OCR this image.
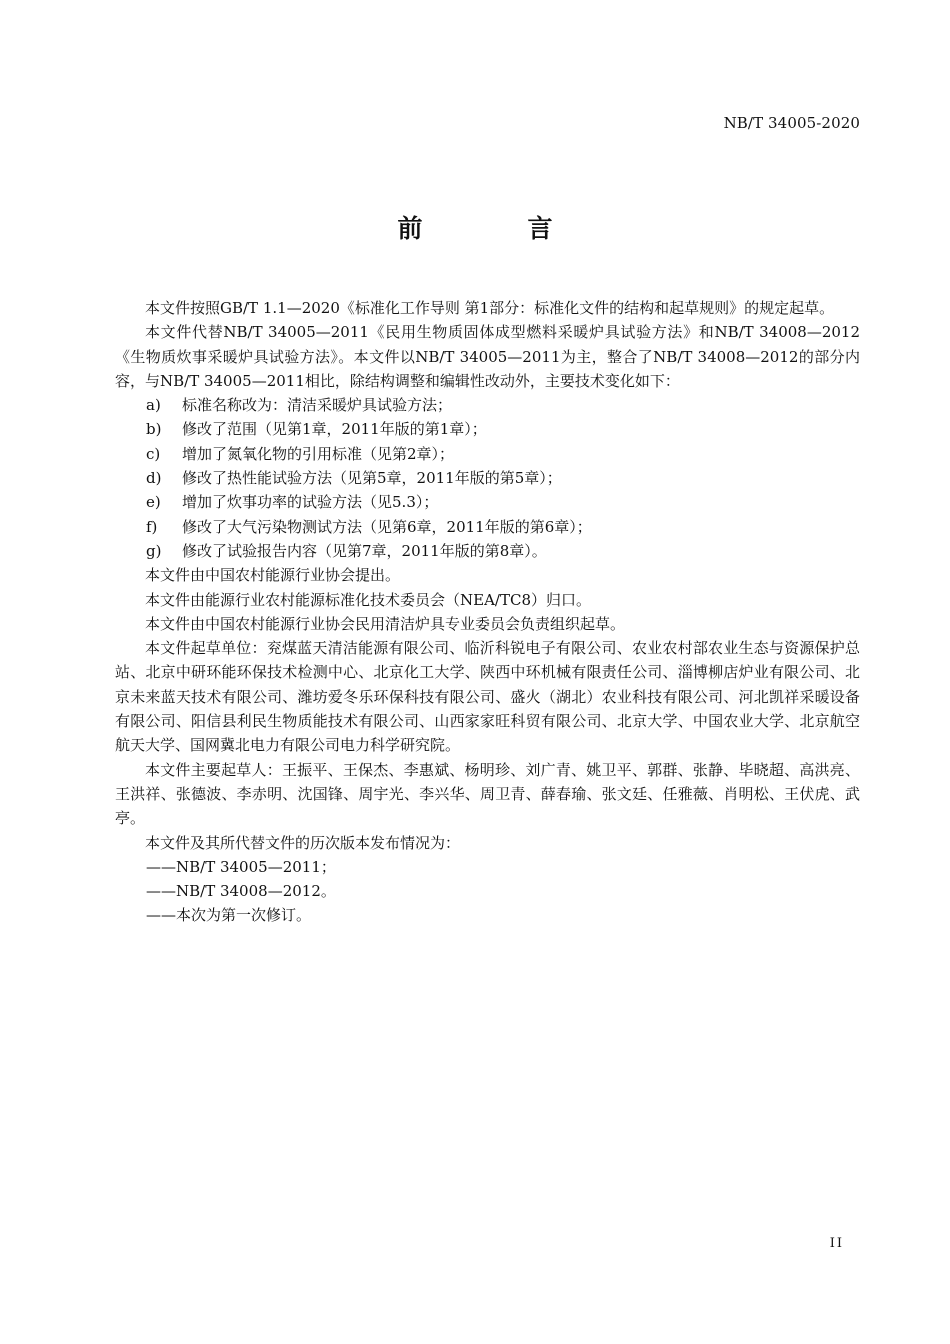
NB/T 34005-2020
前　言

本文件按照GB/T 1.1—2020《标准化工作导则 第1部分：标准化文件的结构和起草规则》的规定起草。

本文件代替NB/T 34005—2011《民用生物质固体成型燃料采暖炉具试验方法》和NB/T 34008—2012《生物质炊事采暖炉具试验方法》。本文件以NB/T 34005—2011为主，整合了NB/T 34008—2012的部分内容，与NB/T 34005—2011相比，除结构调整和编辑性改动外，主要技术变化如下：

a) 标准名称改为：清洁采暖炉具试验方法；

b) 修改了范围（见第1章，2011年版的第1章）；

c) 增加了氮氧化物的引用标准（见第2章）；

d) 修改了热性能试验方法（见第5章，2011年版的第5章）；

e) 增加了炊事功率的试验方法（见5.3）；

f) 修改了大气污染物测试方法（见第6章，2011年版的第6章）；

g) 修改了试验报告内容（见第7章，2011年版的第8章）。

本文件由中国农村能源行业协会提出。

本文件由能源行业农村能源标准化技术委员会（NEA/TC8）归口。

本文件由中国农村能源行业协会民用清洁炉具专业委员会负责组织起草。

本文件起草单位：兖煤蓝天清洁能源有限公司、临沂科锐电子有限公司、农业农村部农业生态与资源保护总站、北京中研环能环保技术检测中心、北京化工大学、陕西中环机械有限责任公司、淄博柳店炉业有限公司、北京未来蓝天技术有限公司、潍坊爱冬乐环保科技有限公司、盛火（湖北）农业科技有限公司、河北凯祥采暖设备有限公司、阳信县利民生物质能技术有限公司、山西家家旺科贸有限公司、北京大学、中国农业大学、北京航空航天大学、国网冀北电力有限公司电力科学研究院。

本文件主要起草人：王振平、王保杰、李惠斌、杨明珍、刘广青、姚卫平、郭群、张静、毕晓超、高洪亮、王洪祥、张德波、李赤明、沈国锋、周宇光、李兴华、周卫青、薛春瑜、张文廷、任雅薇、肖明松、王伏虎、武亭。

本文件及其所代替文件的历次版本发布情况为：

——NB/T 34005—2011；

——NB/T 34008—2012。

——本次为第一次修订。

II
